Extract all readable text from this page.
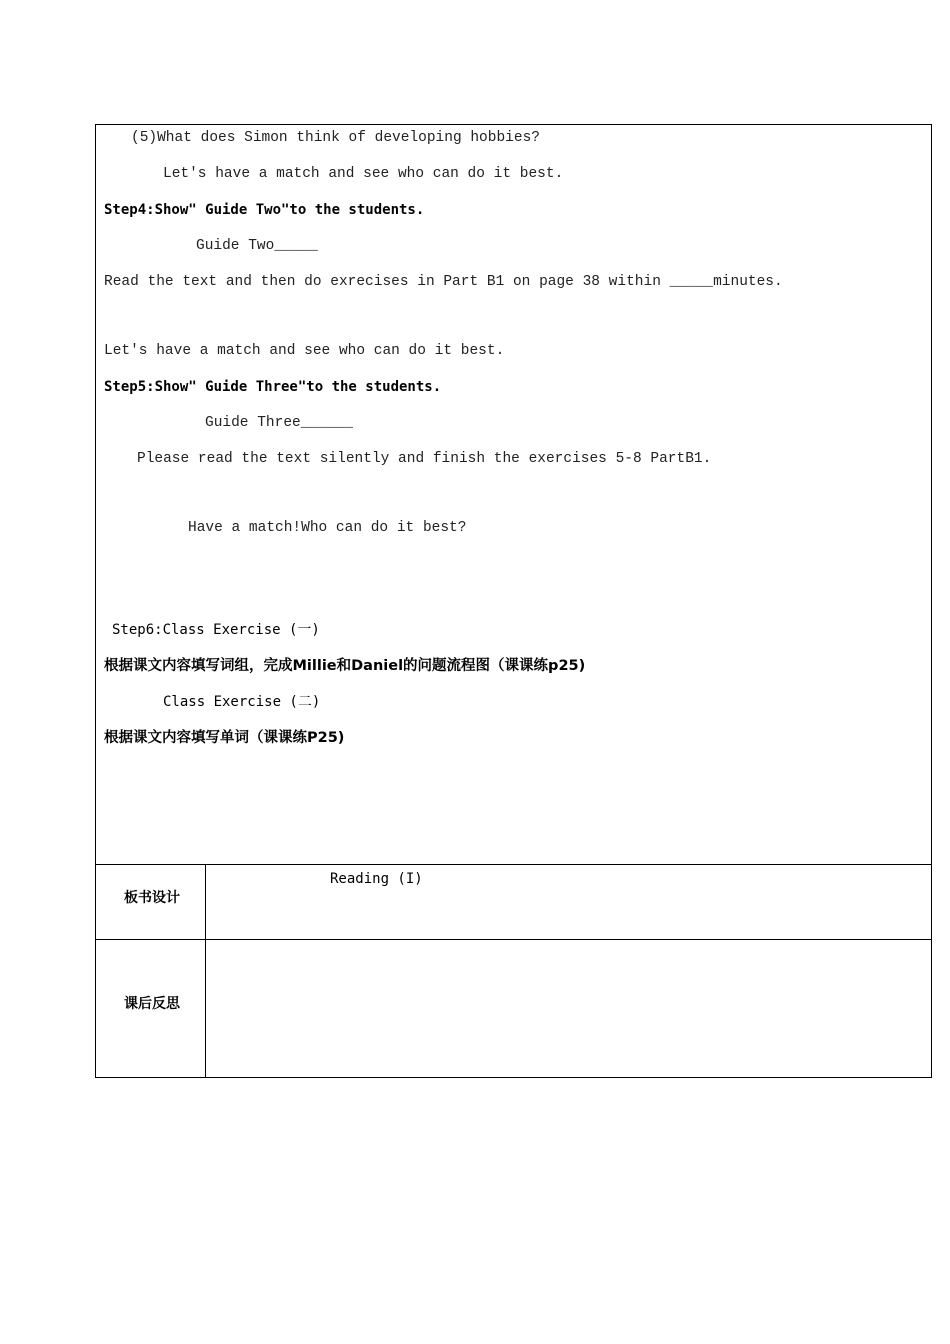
(5)What does Simon think of developing hobbies?
Let's have a match and see who can do it best.
Step4:Show" Guide Two"to the students.
Guide Two_____
Read the text and then do exrecises in Part B1 on page 38 within _____minutes.
Let's have a match and see who can do it best.
Step5:Show" Guide Three"to the students.
Guide Three______
Please read the text silently and finish the exercises 5-8 PartB1.
Have a match!Who can do it best?
Step6:Class Exercise (一)
根据课文内容填写词组，完成Millie和Daniel的问题流程图（课课练p25)
Class Exercise (二)
根据课文内容填写单词（课课练P25)
板书设计
Reading (I)
课后反思
